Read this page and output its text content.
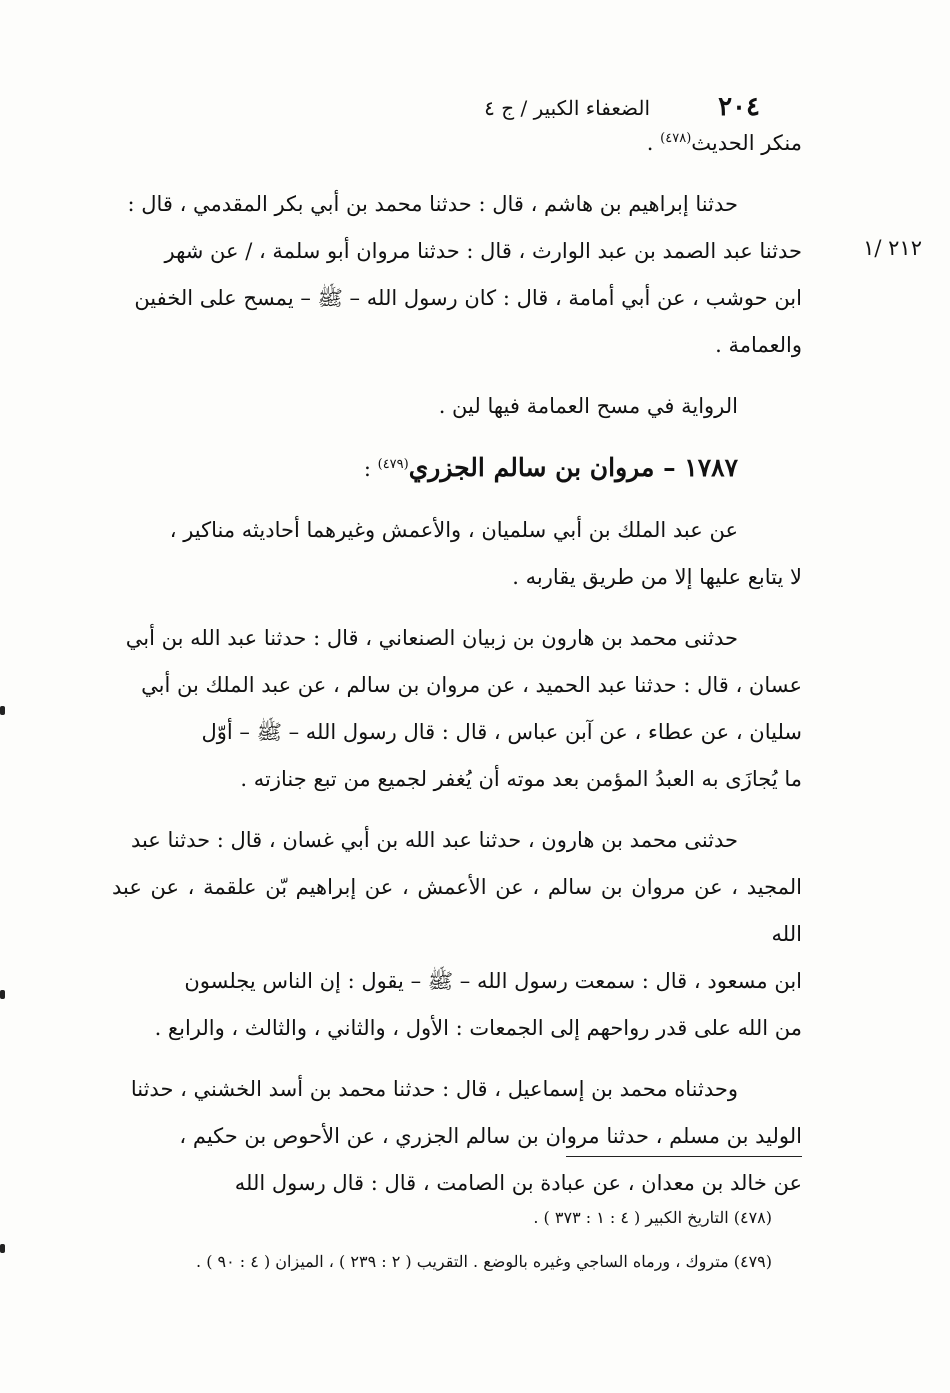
٢٠٤
الضعفاء الكبير / ج ٤

منكر الحديث$^{(٤٧٨)}$ .

حدثنا إبراهيم بن هاشم ، قال : حدثنا محمد بن أبي بكر المقدمي ، قال :

حدثنا عبد الصمد بن عبد الوارث ، قال : حدثنا مروان أبو سلمة ، / عن شهر

ابن حوشب ، عن أبي أمامة ، قال : كان رسول الله – ﷺ – يمسح على الخفين

والعمامة .

الرواية في مسح العمامة فيها لين .

١٧٨٧ – مروان بن سالم الجزري$^{(٤٧٩)}$ :

عن عبد الملك بن أبي سلميان ، والأعمش وغيرهما أحاديثه مناكير ،

لا يتابع عليها إلا من طريق يقاربه .

حدثنى محمد بن هارون بن زبيان الصنعاني ، قال : حدثنا عبد الله بن أبي

عسان ، قال : حدثنا عبد الحميد ، عن مروان بن سالم ، عن عبد الملك بن أبي

سليان ، عن عطاء ، عن آبن عباس ، قال : قال رسول الله – ﷺ – أوّل

ما يُجازَى به العبدُ المؤمن بعد موته أن يُغفر لجميع من تبع جنازته .

حدثنى محمد بن هارون ، حدثنا عبد الله بن أبي غسان ، قال : حدثنا عبد

المجيد ، عن مروان بن سالم ، عن الأعمش ، عن إبراهيم بّن علقمة ، عن عبد الله

ابن مسعود ، قال : سمعت رسول الله – ﷺ – يقول : إن الناس يجلسون

من الله على قدر رواحهم إلى الجمعات : الأول ، والثاني ، والثالث ، والرابع .

وحدثناه محمد بن إسماعيل ، قال : حدثنا محمد بن أسد الخشني ، حدثنا

الوليد بن مسلم ، حدثنا مروان بن سالم الجزري ، عن الأحوص بن حكيم ،

عن خالد بن معدان ، عن عبادة بن الصامت ، قال : قال رسول الله

٢١٢ /١
(٤٧٨) التاريخ الكبير ( ٤ : ١ : ٣٧٣ ) .
(٤٧٩) متروك ، ورماه الساجي وغيره بالوضع . التقريب ( ٢ : ٢٣٩ ) ، الميزان ( ٤ : ٩٠ ) .
